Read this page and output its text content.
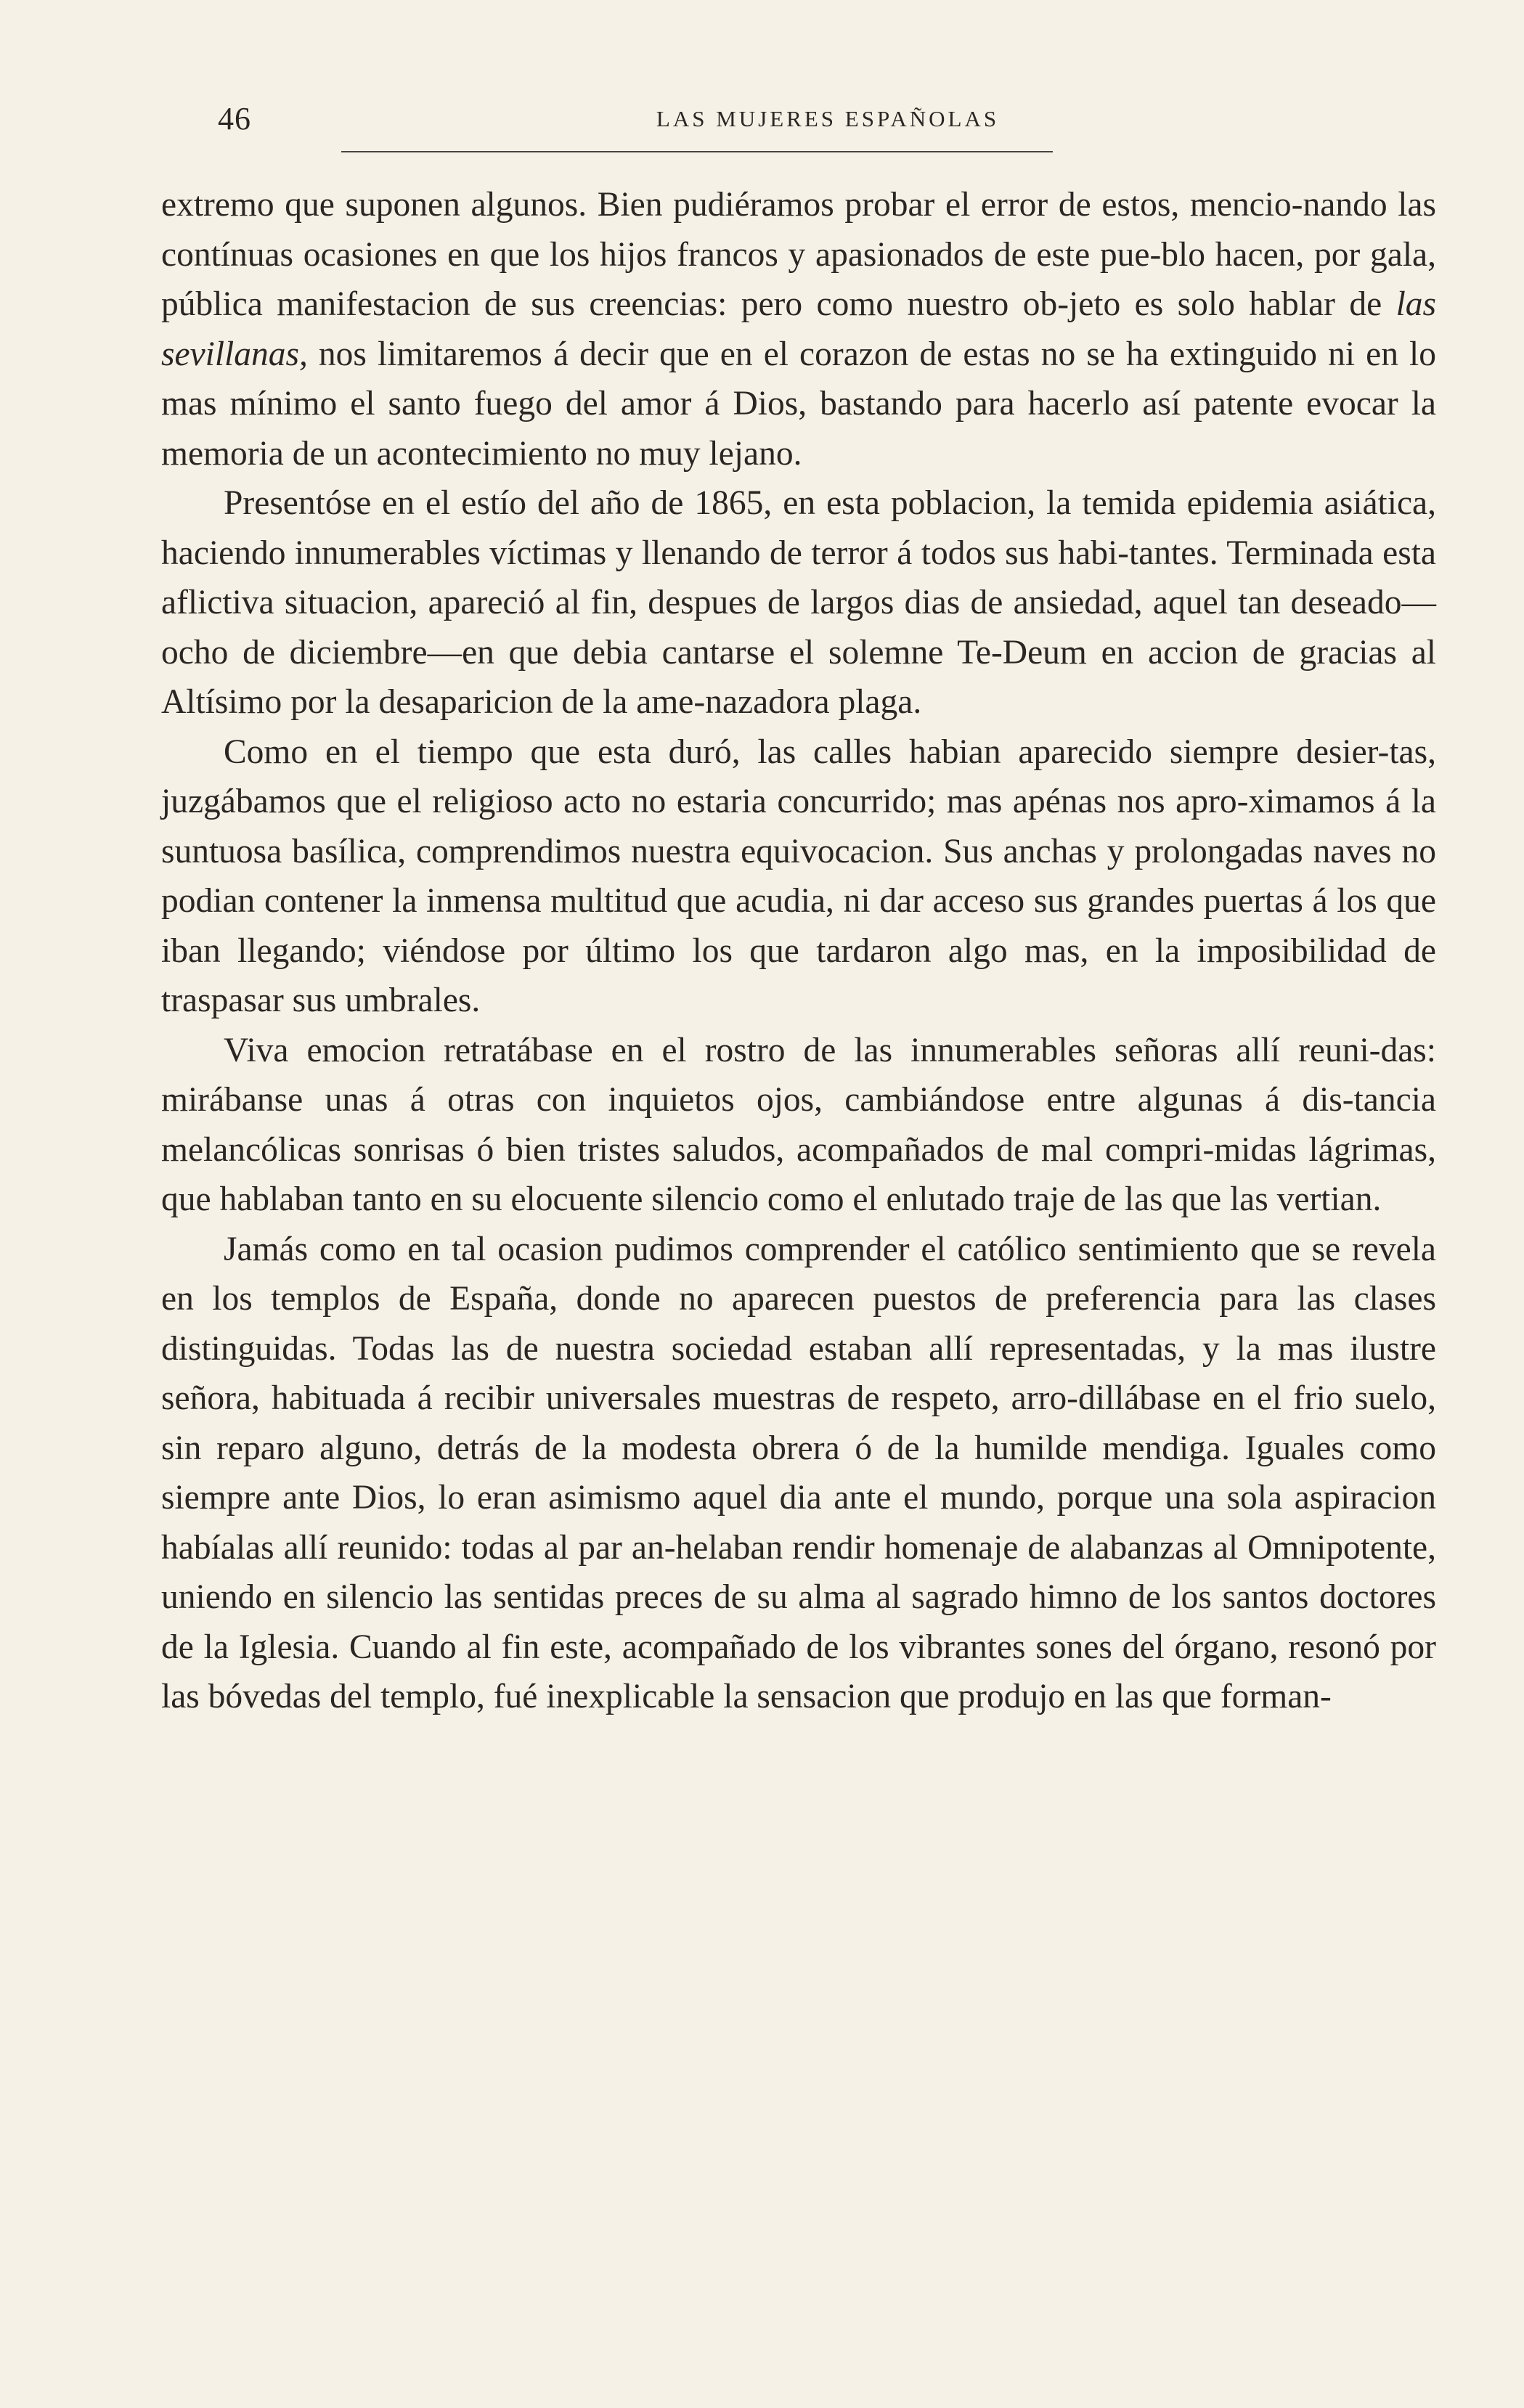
46	LAS MUJERES ESPAÑOLAS

extremo que suponen algunos. Bien pudiéramos probar el error de estos, mencio-nando las contínuas ocasiones en que los hijos francos y apasionados de este pue-blo hacen, por gala, pública manifestacion de sus creencias: pero como nuestro ob-jeto es solo hablar de las sevillanas, nos limitaremos á decir que en el corazon de estas no se ha extinguido ni en lo mas mínimo el santo fuego del amor á Dios, bastando para hacerlo así patente evocar la memoria de un acontecimiento no muy lejano.

Presentóse en el estío del año de 1865, en esta poblacion, la temida epidemia asiática, haciendo innumerables víctimas y llenando de terror á todos sus habi-tantes. Terminada esta aflictiva situacion, apareció al fin, despues de largos dias de ansiedad, aquel tan deseado—ocho de diciembre—en que debia cantarse el solemne Te-Deum en accion de gracias al Altísimo por la desaparicion de la ame-nazadora plaga.

Como en el tiempo que esta duró, las calles habian aparecido siempre desier-tas, juzgábamos que el religioso acto no estaria concurrido; mas apénas nos apro-ximamos á la suntuosa basílica, comprendimos nuestra equivocacion. Sus anchas y prolongadas naves no podian contener la inmensa multitud que acudia, ni dar acceso sus grandes puertas á los que iban llegando; viéndose por último los que tardaron algo mas, en la imposibilidad de traspasar sus umbrales.

Viva emocion retratábase en el rostro de las innumerables señoras allí reuni-das: mirábanse unas á otras con inquietos ojos, cambiándose entre algunas á dis-tancia melancólicas sonrisas ó bien tristes saludos, acompañados de mal compri-midas lágrimas, que hablaban tanto en su elocuente silencio como el enlutado traje de las que las vertian.

Jamás como en tal ocasion pudimos comprender el católico sentimiento que se revela en los templos de España, donde no aparecen puestos de preferencia para las clases distinguidas. Todas las de nuestra sociedad estaban allí representadas, y la mas ilustre señora, habituada á recibir universales muestras de respeto, arro-dillábase en el frio suelo, sin reparo alguno, detrás de la modesta obrera ó de la humilde mendiga. Iguales como siempre ante Dios, lo eran asimismo aquel dia ante el mundo, porque una sola aspiracion habíalas allí reunido: todas al par an-helaban rendir homenaje de alabanzas al Omnipotente, uniendo en silencio las sentidas preces de su alma al sagrado himno de los santos doctores de la Iglesia. Cuando al fin este, acompañado de los vibrantes sones del órgano, resonó por las bóvedas del templo, fué inexplicable la sensacion que produjo en las que forman-
